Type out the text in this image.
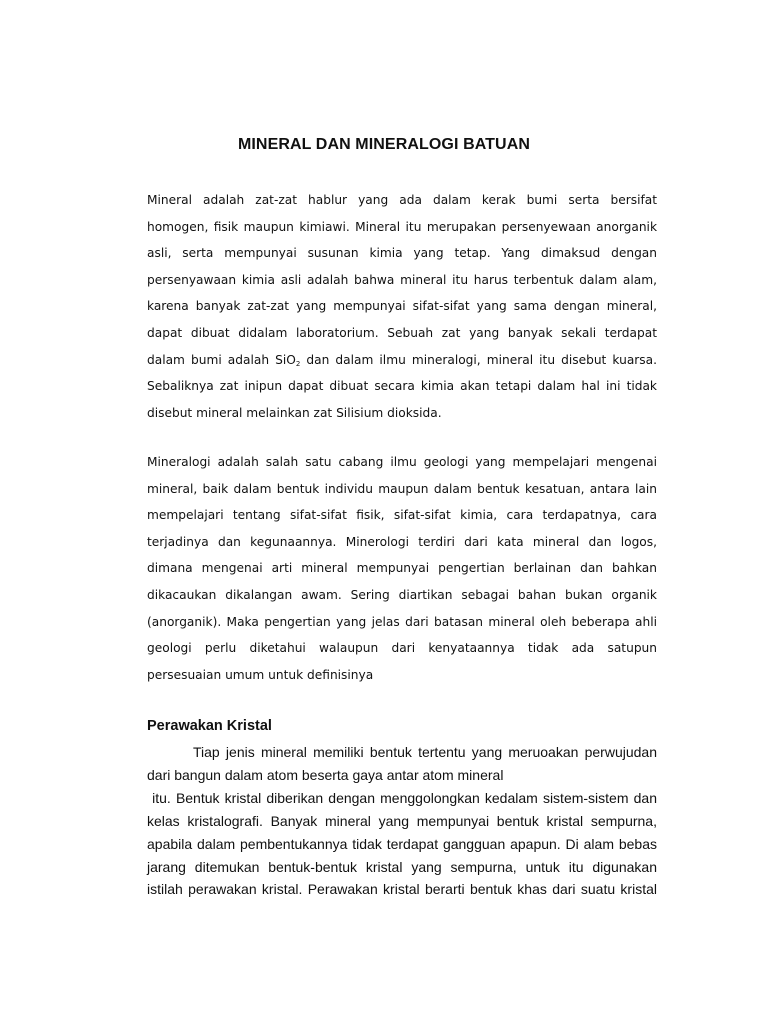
MINERAL DAN MINERALOGI BATUAN
Mineral adalah zat-zat hablur yang ada dalam kerak bumi serta bersifat
homogen, fisik maupun kimiawi. Mineral itu merupakan persenyewaan anorganik
asli, serta mempunyai susunan kimia yang tetap. Yang dimaksud dengan
persenyawaan kimia asli adalah bahwa mineral itu harus terbentuk dalam alam,
karena banyak zat-zat yang mempunyai sifat-sifat yang sama dengan mineral,
dapat dibuat didalam laboratorium. Sebuah zat yang banyak sekali terdapat
dalam bumi adalah SiO$_2$ dan dalam ilmu mineralogi, mineral itu disebut kuarsa.
Sebaliknya zat inipun dapat dibuat secara kimia akan tetapi dalam hal ini tidak
disebut mineral melainkan zat Silisium dioksida.
Mineralogi adalah salah satu cabang ilmu geologi yang mempelajari mengenai
mineral, baik dalam bentuk individu maupun dalam bentuk kesatuan, antara lain
mempelajari tentang sifat-sifat fisik, sifat-sifat kimia, cara terdapatnya, cara
terjadinya dan kegunaannya. Minerologi terdiri dari kata mineral dan logos,
dimana mengenai arti mineral mempunyai pengertian berlainan dan bahkan
dikacaukan dikalangan awam. Sering diartikan sebagai bahan bukan organik
(anorganik). Maka pengertian yang jelas dari batasan mineral oleh beberapa ahli
geologi perlu diketahui walaupun dari kenyataannya tidak ada satupun
persesuaian umum untuk definisinya
Perawakan Kristal
Tiap jenis mineral memiliki bentuk tertentu yang meruoakan perwujudan
dari bangun dalam atom beserta gaya antar atom mineral
itu. Bentuk kristal diberikan dengan menggolongkan kedalam sistem-sistem dan
kelas kristalografi. Banyak mineral yang mempunyai bentuk kristal sempurna,
apabila dalam pembentukannya tidak terdapat gangguan apapun. Di alam bebas
jarang ditemukan bentuk-bentuk kristal yang sempurna, untuk itu digunakan
istilah perawakan kristal. Perawakan kristal berarti bentuk khas dari suatu kristal
